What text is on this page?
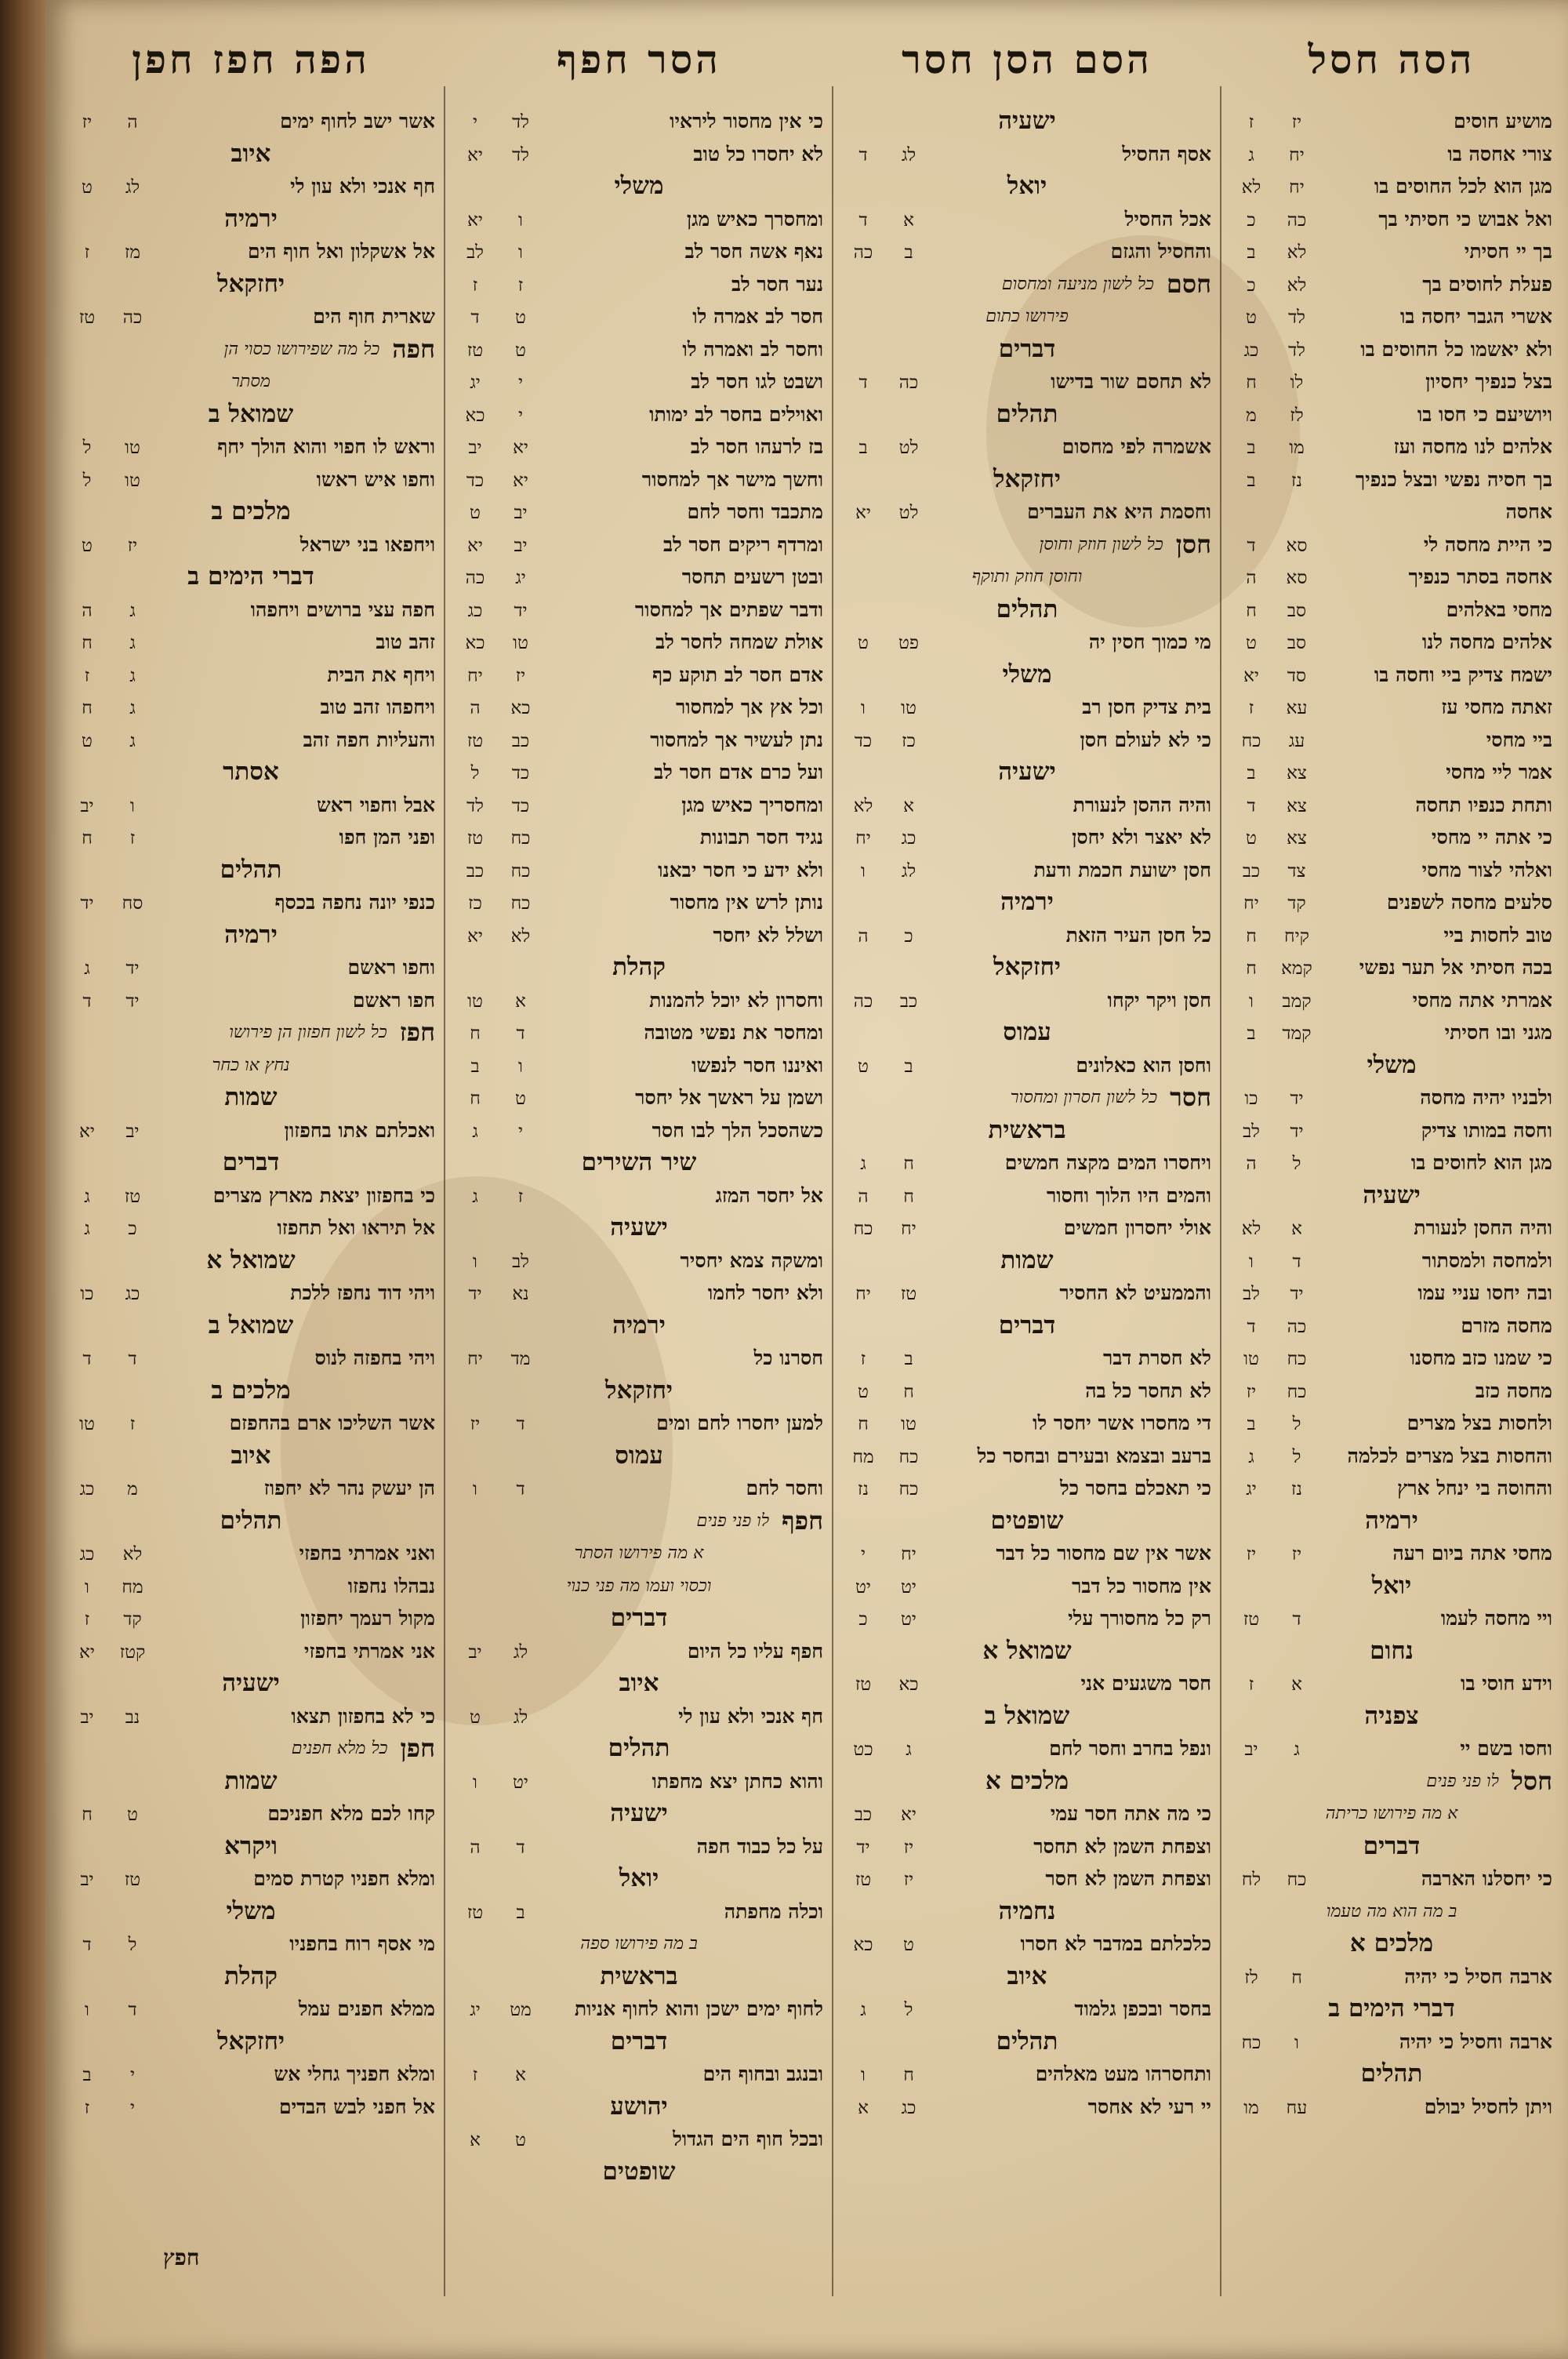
הסה חסל
מושיע חוסים
יז
ז
צורי אחסה בו
יח
ג
מגן הוא לכל החוסים בו
יח
לא
ואל אבוש כי חסיתי בך
כה
כ
בך יי חסיתי
לא
ב
פעלת לחוסים בך
לא
כ
אשרי הגבר יחסה בו
לד
ט
ולא יאשמו כל החוסים בו
לד
כג
בצל כנפיך יחסיון
לו
ח
ויושיעם כי חסו בו
לז
מ
אלהים לנו מחסה ועז
מו
ב
בך חסיה נפשי ובצל כנפיך
נז
ב
אחסה
כי היית מחסה לי
סא
ד
אחסה בסתר כנפיך
סא
ה
מחסי באלהים
סב
ח
אלהים מחסה לנו
סב
ט
ישמח צדיק ביי וחסה בו
סד
יא
זאתה מחסי עז
עא
ז
ביי מחסי
עג
כח
אמר ליי מחסי
צא
ב
ותחת כנפיו תחסה
צא
ד
כי אתה יי מחסי
צא
ט
ואלהי לצור מחסי
צד
כב
סלעים מחסה לשפנים
קד
יח
טוב לחסות ביי
קיח
ח
בכה חסיתי אל תער נפשי
קמא
ח
אמרתי אתה מחסי
קמב
ו
מגני ובו חסיתי
קמד
ב
משלי
ולבניו יהיה מחסה
יד
כו
וחסה במותו צדיק
יד
לב
מגן הוא לחוסים בו
ל
ה
ישעיה
והיה החסן לנעורת
א
לא
ולמחסה ולמסתור
ד
ו
ובה יחסו עניי עמו
יד
לב
מחסה מזרם
כה
ד
כי שמנו כזב מחסנו
כח
טו
מחסה כזב
כח
יז
ולחסות בצל מצרים
ל
ב
והחסות בצל מצרים לכלמה
ל
ג
והחוסה בי ינחל ארץ
נז
יג
ירמיה
מחסי אתה ביום רעה
יז
יז
יואל
ויי מחסה לעמו
ד
טז
נחום
וידע חוסי בו
א
ז
צפניה
וחסו בשם יי
ג
יב
חסל
לו פני פנים
א מה פירושו כריתה
דברים
כי יחסלנו הארבה
כח
לח
ב מה הוא מה טעמו
מלכים א
ארבה חסיל כי יהיה
ח
לז
דברי הימים ב
ארבה וחסיל כי יהיה
ו
כח
תהלים
ויתן לחסיל יבולם
עח
מו
הסם הסן חסר
ישעיה
אסף החסיל
לג
ד
יואל
אכל החסיל
א
ד
והחסיל והגזם
ב
כה
חסם
כל לשון מניעה ומחסום
פירושו כתום
דברים
לא תחסם שור בדישו
כה
ד
תהלים
אשמרה לפי מחסום
לט
ב
יחזקאל
וחסמת היא את העברים
לט
יא
חסן
כל לשון חוזק וחוסן
וחוסן חוזק ותוקף
תהלים
מי כמוך חסין יה
פט
ט
משלי
בית צדיק חסן רב
טו
ו
כי לא לעולם חסן
כז
כד
ישעיה
והיה ההסן לנעורת
א
לא
לא יאצר ולא יחסן
כג
יח
חסן ישועת חכמת ודעת
לג
ו
ירמיה
כל חסן העיר הזאת
כ
ה
יחזקאל
חסן ויקר יקחו
כב
כה
עמוס
וחסן הוא כאלונים
ב
ט
חסר
כל לשון חסרון ומחסור
בראשית
ויחסרו המים מקצה חמשים
ח
ג
והמים היו הלוך וחסור
ח
ה
אולי יחסרון חמשים
יח
כח
שמות
והממעיט לא החסיר
טז
יח
דברים
לא חסרת דבר
ב
ז
לא תחסר כל בה
ח
ט
די מחסרו אשר יחסר לו
טו
ח
ברעב ובצמא ובעירם ובחסר כל
כח
מח
כי תאכלם בחסר כל
כח
נז
שופטים
אשר אין שם מחסור כל דבר
יח
י
אין מחסור כל דבר
יט
יט
רק כל מחסורך עלי
יט
כ
שמואל א
חסר משגעים אני
כא
טז
שמואל ב
ונפל בחרב וחסר לחם
ג
כט
מלכים א
כי מה אתה חסר עמי
יא
כב
וצפחת השמן לא תחסר
יז
יד
וצפחת השמן לא חסר
יז
טז
נחמיה
כלכלתם במדבר לא חסרו
ט
כא
איוב
בחסר ובכפן גלמוד
ל
ג
תהלים
ותחסרהו מעט מאלהים
ח
ו
יי רעי לא אחסר
כג
א
הסר חפף
כי אין מחסור ליראיו
לד
י
לא יחסרו כל טוב
לד
יא
משלי
ומחסרך כאיש מגן
ו
יא
נאף אשה חסר לב
ו
לב
נער חסר לב
ז
ז
חסר לב אמרה לו
ט
ד
וחסר לב ואמרה לו
ט
טז
ושבט לגו חסר לב
י
יג
ואוילים בחסר לב ימותו
י
כא
בז לרעהו חסר לב
יא
יב
וחשך מישר אך למחסור
יא
כד
מתכבד וחסר לחם
יב
ט
ומרדף ריקים חסר לב
יב
יא
ובטן רשעים תחסר
יג
כה
ודבר שפתים אך למחסור
יד
כג
אולת שמחה לחסר לב
טו
כא
אדם חסר לב תוקע כף
יז
יח
וכל אץ אך למחסור
כא
ה
נתן לעשיר אך למחסור
כב
טז
ועל כרם אדם חסר לב
כד
ל
ומחסריך כאיש מגן
כד
לד
נגיד חסר תבונות
כח
טז
ולא ידע כי חסר יבאנו
כח
כב
נותן לרש אין מחסור
כח
כז
ושלל לא יחסר
לא
יא
קהלת
וחסרון לא יוכל להמנות
א
טו
ומחסר את נפשי מטובה
ד
ח
ואיננו חסר לנפשו
ו
ב
ושמן על ראשך אל יחסר
ט
ח
כשהסכל הלך לבו חסר
י
ג
שיר השירים
אל יחסר המזג
ז
ג
ישעיה
ומשקה צמא יחסיר
לב
ו
ולא יחסר לחמו
נא
יד
ירמיה
חסרנו כל
מד
יח
יחזקאל
למען יחסרו לחם ומים
ד
יז
עמוס
וחסר לחם
ד
ו
חפף
לו פני פנים
א מה פירושו הסתר
וכסוי ועמו מה פני כנוי
דברים
חפף עליו כל היום
לג
יב
איוב
חף אנכי ולא עון לי
לג
ט
תהלים
והוא כחתן יצא מחפתו
יט
ו
ישעיה
על כל כבוד חפה
ד
ה
יואל
וכלה מחפתה
ב
טז
ב מה פירושו ספה
בראשית
לחוף ימים ישכן והוא לחוף אניות
מט
יג
דברים
ובנגב ובחוף הים
א
ז
יהושע
ובכל חוף הים הגדול
ט
א
שופטים
הפה חפז חפן
אשר ישב לחוף ימים
ה
יז
איוב
חף אנכי ולא עון לי
לג
ט
ירמיה
אל אשקלון ואל חוף הים
מז
ז
יחזקאל
שארית חוף הים
כה
טז
חפה
כל מה שפירושו כסוי הן
מסתר
שמואל ב
וראש לו חפוי והוא הולך יחף
טו
ל
וחפו איש ראשו
טו
ל
מלכים ב
ויחפאו בני ישראל
יז
ט
דברי הימים ב
חפה עצי ברושים ויחפהו
ג
ה
זהב טוב
ג
ח
ויחף את הבית
ג
ז
ויחפהו זהב טוב
ג
ח
והעליות חפה זהב
ג
ט
אסתר
אבל וחפוי ראש
ו
יב
ופני המן חפו
ז
ח
תהלים
כנפי יונה נחפה בכסף
סח
יד
ירמיה
וחפו ראשם
יד
ג
חפו ראשם
יד
ד
חפז
כל לשון חפזון הן פירושו
נחץ או כחר
שמות
ואכלתם אתו בחפזון
יב
יא
דברים
כי בחפזון יצאת מארץ מצרים
טז
ג
אל תיראו ואל תחפזו
כ
ג
שמואל א
ויהי דוד נחפז ללכת
כג
כו
שמואל ב
ויהי בחפזה לנוס
ד
ד
מלכים ב
אשר השליכו ארם בהחפזם
ז
טו
איוב
הן יעשק נהר לא יחפוז
מ
כג
תהלים
ואני אמרתי בחפזי
לא
כג
נבהלו נחפזו
מח
ו
מקול רעמך יחפזון
קד
ז
אני אמרתי בחפזי
קטז
יא
ישעיה
כי לא בחפזון תצאו
נב
יב
חפן
כל מלא חפנים
שמות
קחו לכם מלא חפניכם
ט
ח
ויקרא
ומלא חפניו קטרת סמים
טז
יב
משלי
מי אסף רוח בחפניו
ל
ד
קהלת
ממלא חפנים עמל
ד
ו
יחזקאל
ומלא חפניך גחלי אש
י
ב
אל חפני לבש הבדים
י
ז
חפץ
